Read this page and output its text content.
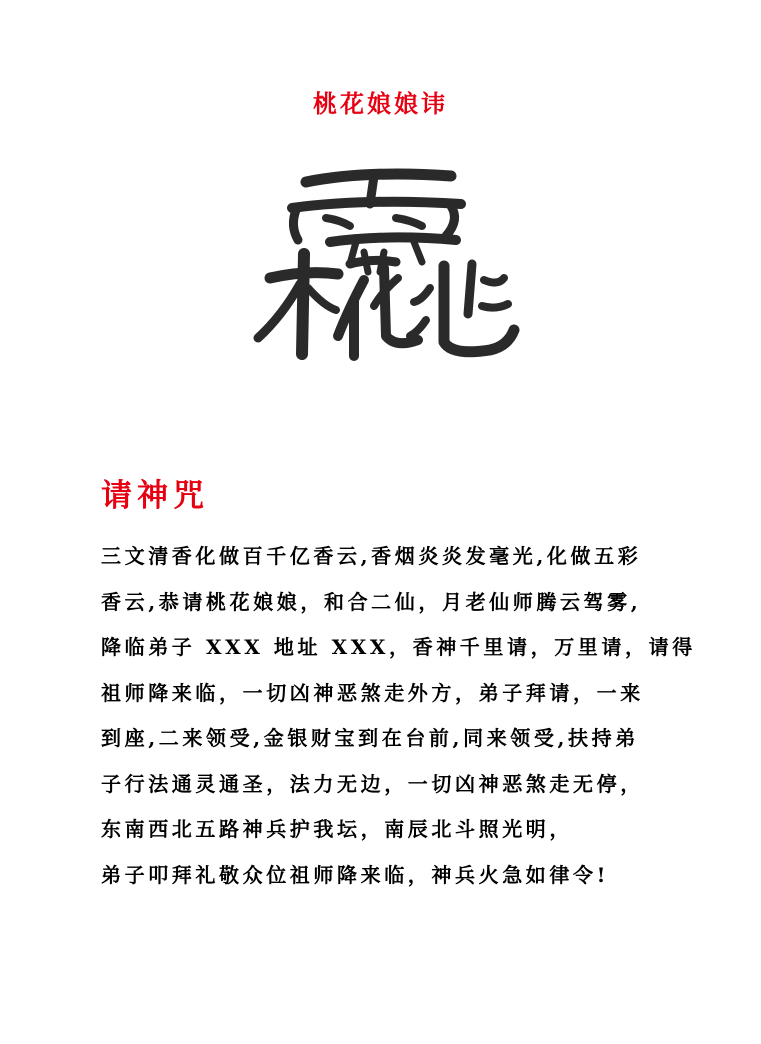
桃花娘娘讳
请神咒
三文清香化做百千亿香云,香烟炎炎发毫光,化做五彩
香云,恭请桃花娘娘，和合二仙，月老仙师腾云驾雾,
降临弟子 XXX 地址 XXX，香神千里请，万里请，请得
祖师降来临，一切凶神恶煞走外方，弟子拜请，一来
到座,二来领受,金银财宝到在台前,同来领受,扶持弟
子行法通灵通圣，法力无边，一切凶神恶煞走无停，
东南西北五路神兵护我坛，南辰北斗照光明，
弟子叩拜礼敬众位祖师降来临，神兵火急如律令!
